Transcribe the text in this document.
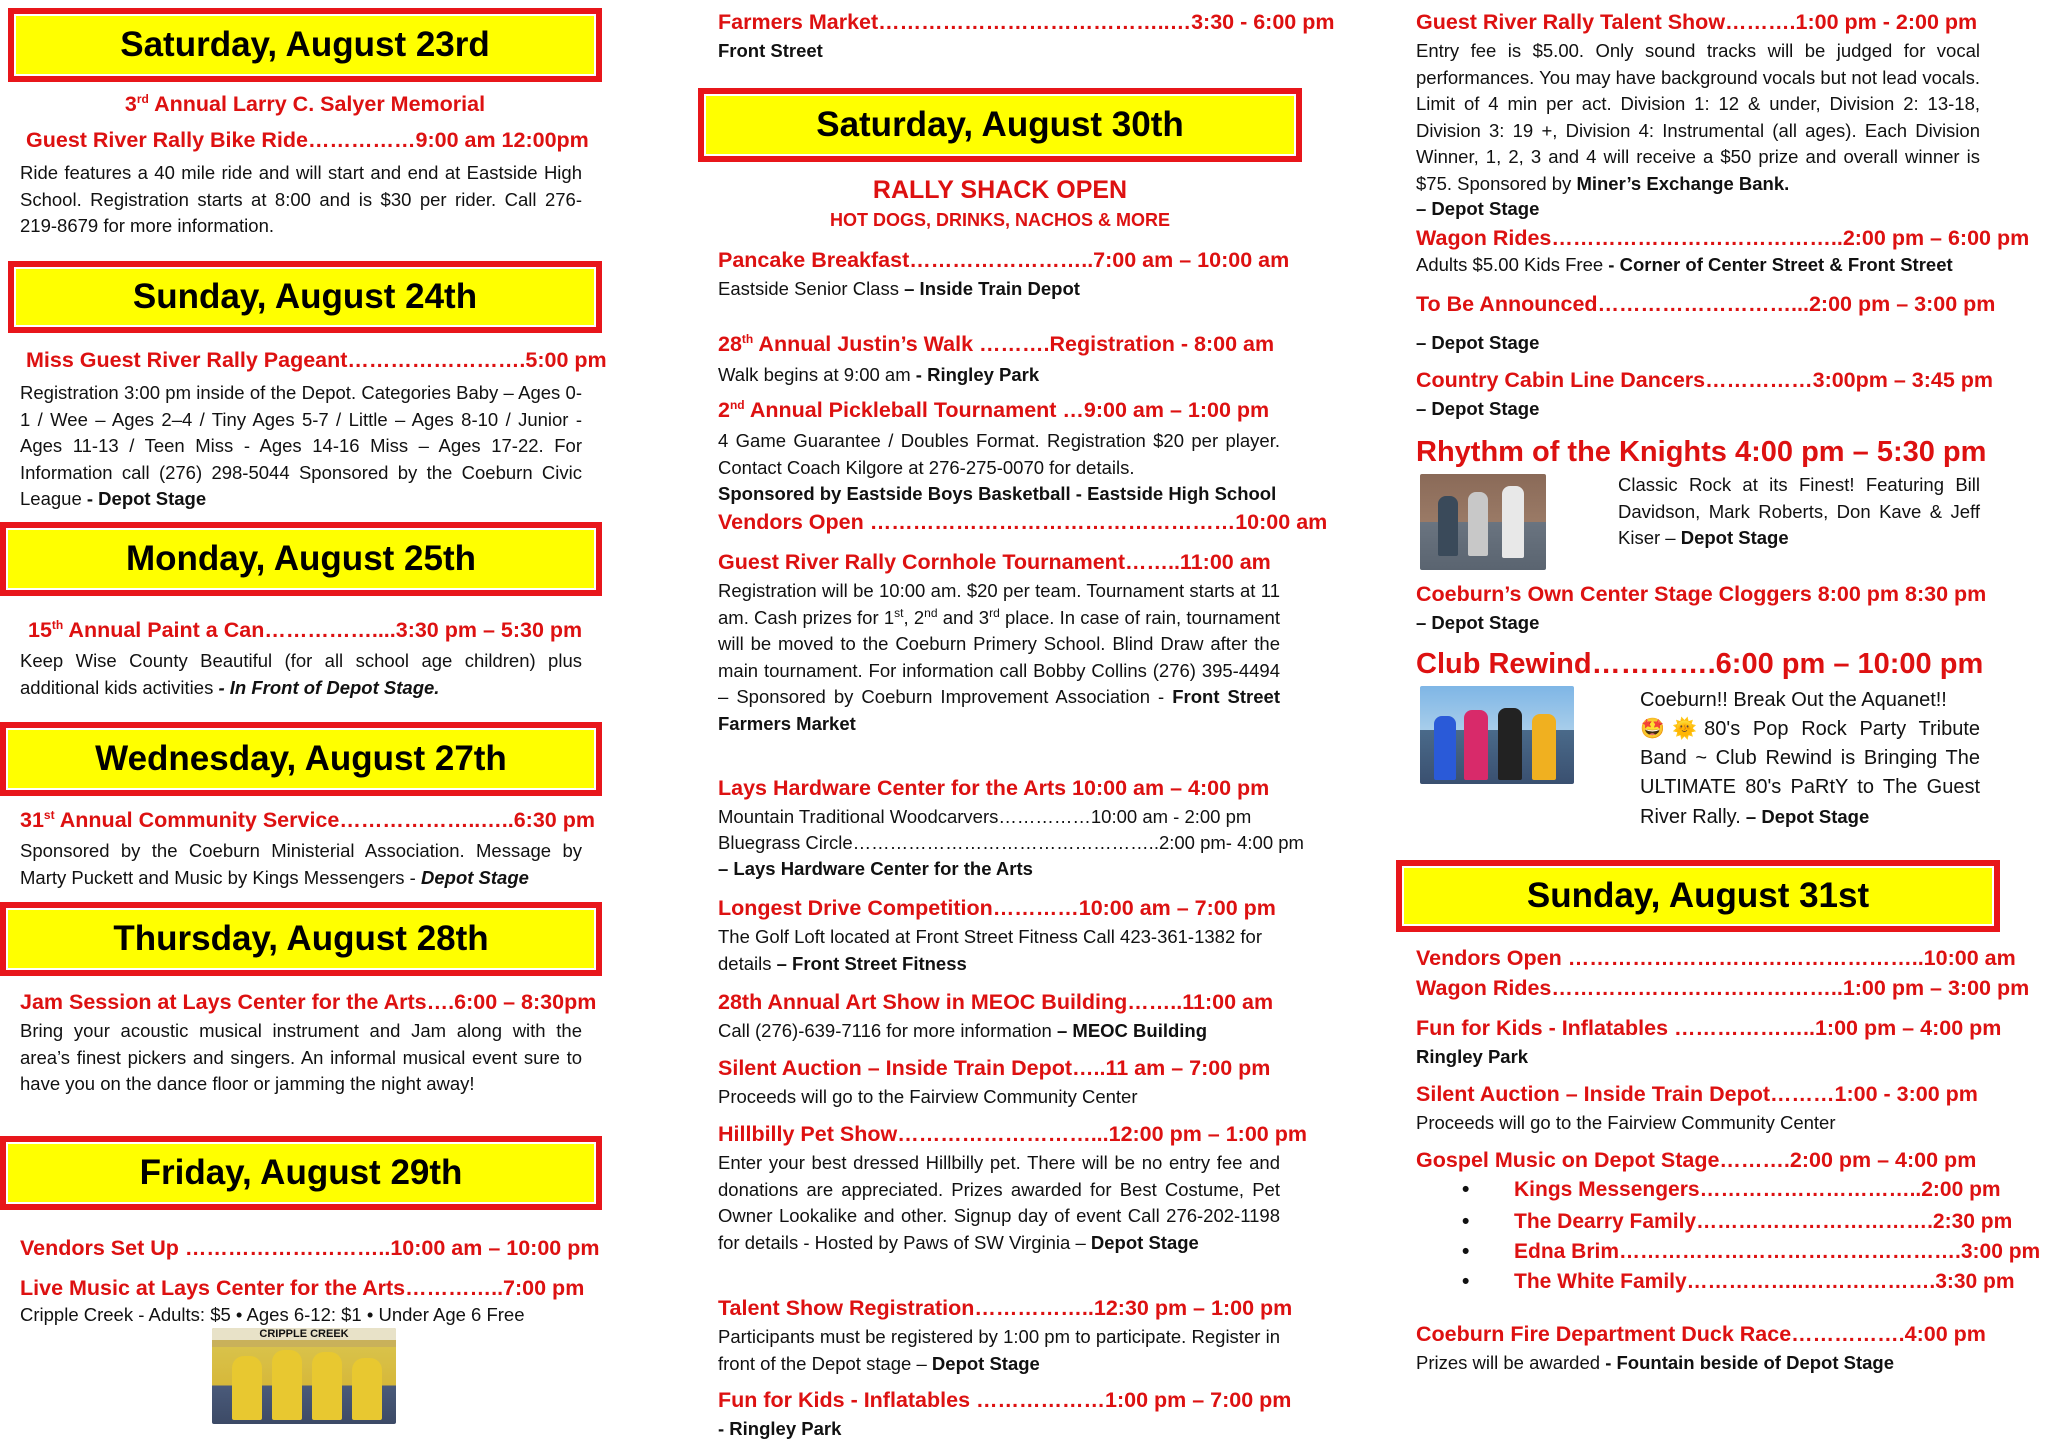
Saturday, August 23rd
3rd Annual Larry C. Salyer Memorial
Guest River Rally Bike Ride……………9:00 am 12:00pm
Ride features a 40 mile ride and will start and end at Eastside High School. Registration starts at 8:00 and is $30 per rider. Call 276-219-8679 for more information.
Sunday, August 24th
Miss Guest River Rally Pageant…………………….5:00 pm
Registration 3:00 pm inside of the Depot. Categories Baby – Ages 0-1 / Wee – Ages 2–4 / Tiny Ages 5-7 / Little – Ages 8-10 / Junior - Ages 11-13 / Teen Miss - Ages 14-16 Miss – Ages 17-22. For Information call (276) 298-5044 Sponsored by the Coeburn Civic League - Depot Stage
Monday, August 25th
15th Annual Paint a Can……………....3:30 pm – 5:30 pm
Keep Wise County Beautiful (for all school age children) plus additional kids activities - In Front of Depot Stage.
Wednesday, August 27th
31st Annual Community Service………………..…..6:30 pm
Sponsored by the Coeburn Ministerial Association. Message by Marty Puckett and Music by Kings Messengers - Depot Stage
Thursday, August 28th
Jam Session at Lays Center for the Arts….6:00 – 8:30pm
Bring your acoustic musical instrument and Jam along with the area’s finest pickers and singers. An informal musical event sure to have you on the dance floor or jamming the night away!
Friday, August 29th
Vendors Set Up ………………………..10:00 am – 10:00 pm
Live Music at Lays Center for the Arts…………..7:00 pm
Cripple Creek - Adults: $5 • Ages 6-12: $1 • Under Age 6 Free
CRIPPLE CREEK
Farmers Market…………………………………..…3:30 - 6:00 pm
Front Street
Saturday, August 30th
RALLY SHACK OPEN
HOT DOGS, DRINKS, NACHOS & MORE
Pancake Breakfast……………………..7:00 am – 10:00 am
Eastside Senior Class – Inside Train Depot
28th Annual Justin’s Walk ……….Registration - 8:00 am
Walk begins at 9:00 am - Ringley Park
2nd Annual Pickleball Tournament …9:00 am – 1:00 pm
4 Game Guarantee / Doubles Format. Registration $20 per player. Contact Coach Kilgore at 276-275-0070 for details.
Sponsored by Eastside Boys Basketball - Eastside High School
Vendors Open ……………………………………………10:00 am
Guest River Rally Cornhole Tournament……..11:00 am
Registration will be 10:00 am. $20 per team. Tournament starts at 11 am. Cash prizes for 1st, 2nd and 3rd place. In case of rain, tournament will be moved to the Coeburn Primery School. Blind Draw after the main tournament. For information call Bobby Collins (276) 395-4494 – Sponsored by Coeburn Improvement Association - Front Street Farmers Market
Lays Hardware Center for the Arts 10:00 am – 4:00 pm
Mountain Traditional Woodcarvers……………10:00 am - 2:00 pm
Bluegrass Circle…………………………………………..2:00 pm- 4:00 pm
– Lays Hardware Center for the Arts
Longest Drive Competition…………10:00 am – 7:00 pm
The Golf Loft located at Front Street Fitness Call 423-361-1382 for details – Front Street Fitness
28th Annual Art Show in MEOC Building……..11:00 am
Call (276)-639-7116 for more information – MEOC Building
Silent Auction – Inside Train Depot…..11 am – 7:00 pm
Proceeds will go to the Fairview Community Center
Hillbilly Pet Show………………………...12:00 pm – 1:00 pm
Enter your best dressed Hillbilly pet. There will be no entry fee and donations are appreciated. Prizes awarded for Best Costume, Pet Owner Lookalike and other. Signup day of event Call 276-202-1198 for details - Hosted by Paws of SW Virginia – Depot Stage
Talent Show Registration……………..12:30 pm – 1:00 pm
Participants must be registered by 1:00 pm to participate. Register in front of the Depot stage – Depot Stage
Fun for Kids - Inflatables ………………1:00 pm – 7:00 pm
- Ringley Park
Guest River Rally Talent Show……….1:00 pm - 2:00 pm
Entry fee is $5.00. Only sound tracks will be judged for vocal performances. You may have background vocals but not lead vocals. Limit of 4 min per act. Division 1: 12 & under, Division 2: 13-18, Division 3: 19 +, Division 4: Instrumental (all ages). Each Division Winner, 1, 2, 3 and 4 will receive a $50 prize and overall winner is $75. Sponsored by Miner’s Exchange Bank.
– Depot Stage
Wagon Rides…………………………………..2:00 pm – 6:00 pm
Adults $5.00 Kids Free - Corner of Center Street & Front Street
To Be Announced………………………...2:00 pm – 3:00 pm
– Depot Stage
Country Cabin Line Dancers……………3:00pm – 3:45 pm
– Depot Stage
Rhythm of the Knights 4:00 pm – 5:30 pm
Classic Rock at its Finest! Featuring Bill Davidson, Mark Roberts, Don Kave & Jeff Kiser – Depot Stage
Coeburn’s Own Center Stage Cloggers 8:00 pm 8:30 pm
– Depot Stage
Club Rewind………….6:00 pm – 10:00 pm
Coeburn!! Break Out the Aquanet!!
🤩🌞80's Pop Rock Party Tribute Band ~ Club Rewind is Bringing The ULTIMATE 80's PaRtY to The Guest River Rally. – Depot Stage
Sunday, August 31st
Vendors Open …………………………………………..10:00 am
Wagon Rides…………………………………..1:00 pm – 3:00 pm
Fun for Kids - Inflatables ………………..1:00 pm – 4:00 pm
Ringley Park
Silent Auction – Inside Train Depot………1:00 - 3:00 pm
Proceeds will go to the Fairview Community Center
Gospel Music on Depot Stage……….2:00 pm – 4:00 pm
• Kings Messengers…………………………..2:00 pm
• The Dearry Family…………………………….2:30 pm
• Edna Brim………………………………………….3:00 pm
• The White Family……………..……………….3:30 pm
Coeburn Fire Department Duck Race…………….4:00 pm
Prizes will be awarded - Fountain beside of Depot Stage
